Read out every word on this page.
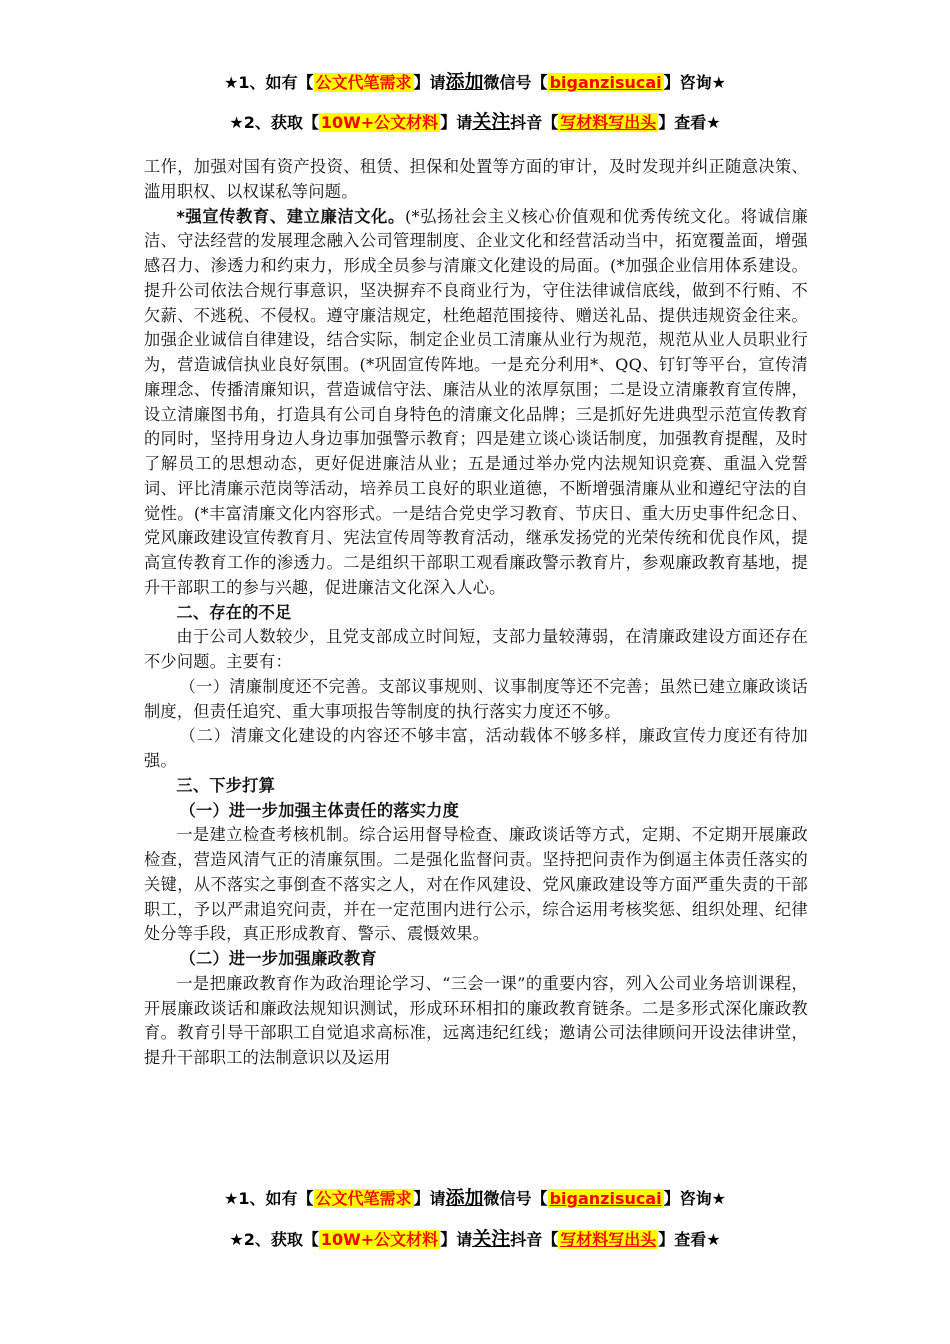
★1、如有【 公文代笔需求 】请添加微信号【 biganzisucai 】咨询★
★2、获取【 10W+公文材料 】请关注抖音【 写材料写出头 】查看★

工作，加强对国有资产投资、租赁、担保和处置等方面的审计，及时发现并纠正随意决策、滥用职权、以权谋私等问题。

*强宣传教育、建立廉洁文化。(*弘扬社会主义核心价值观和优秀传统文化。将诚信廉洁、守法经营的发展理念融入公司管理制度、企业文化和经营活动当中，拓宽覆盖面，增强感召力、渗透力和约束力，形成全员参与清廉文化建设的局面。(*加强企业信用体系建设。提升公司依法合规行事意识，坚决摒弃不良商业行为，守住法律诚信底线，做到不行贿、不欠薪、不逃税、不侵权。遵守廉洁规定，杜绝超范围接待、赠送礼品、提供违规资金往来。加强企业诚信自律建设，结合实际，制定企业员工清廉从业行为规范，规范从业人员职业行为，营造诚信执业良好氛围。(*巩固宣传阵地。一是充分利用*、QQ、钉钉等平台，宣传清廉理念、传播清廉知识，营造诚信守法、廉洁从业的浓厚氛围；二是设立清廉教育宣传牌，设立清廉图书角，打造具有公司自身特色的清廉文化品牌；三是抓好先进典型示范宣传教育的同时，坚持用身边人身边事加强警示教育；四是建立谈心谈话制度，加强教育提醒，及时了解员工的思想动态，更好促进廉洁从业；五是通过举办党内法规知识竞赛、重温入党誓词、评比清廉示范岗等活动，培养员工良好的职业道德，不断增强清廉从业和遵纪守法的自觉性。(*丰富清廉文化内容形式。一是结合党史学习教育、节庆日、重大历史事件纪念日、党风廉政建设宣传教育月、宪法宣传周等教育活动，继承发扬党的光荣传统和优良作风，提高宣传教育工作的渗透力。二是组织干部职工观看廉政警示教育片，参观廉政教育基地，提升干部职工的参与兴趣，促进廉洁文化深入人心。

二、存在的不足

由于公司人数较少，且党支部成立时间短，支部力量较薄弱，在清廉政建设方面还存在不少问题。主要有：

（一）清廉制度还不完善。支部议事规则、议事制度等还不完善；虽然已建立廉政谈话制度，但责任追究、重大事项报告等制度的执行落实力度还不够。

（二）清廉文化建设的内容还不够丰富，活动载体不够多样，廉政宣传力度还有待加强。

三、下步打算

（一）进一步加强主体责任的落实力度

一是建立检查考核机制。综合运用督导检查、廉政谈话等方式，定期、不定期开展廉政检查，营造风清气正的清廉氛围。二是强化监督问责。坚持把问责作为倒逼主体责任落实的关键，从不落实之事倒查不落实之人，对在作风建设、党风廉政建设等方面严重失责的干部职工，予以严肃追究问责，并在一定范围内进行公示，综合运用考核奖惩、组织处理、纪律处分等手段，真正形成教育、警示、震慑效果。

（二）进一步加强廉政教育

一是把廉政教育作为政治理论学习、“三会一课”的重要内容，列入公司业务培训课程，开展廉政谈话和廉政法规知识测试，形成环环相扣的廉政教育链条。二是多形式深化廉政教育。教育引导干部职工自觉追求高标准，远离违纪红线；邀请公司法律顾问开设法律讲堂，提升干部职工的法制意识以及运用

★1、如有【 公文代笔需求 】请添加微信号【 biganzisucai 】咨询★
★2、获取【 10W+公文材料 】请关注抖音【 写材料写出头 】查看★
